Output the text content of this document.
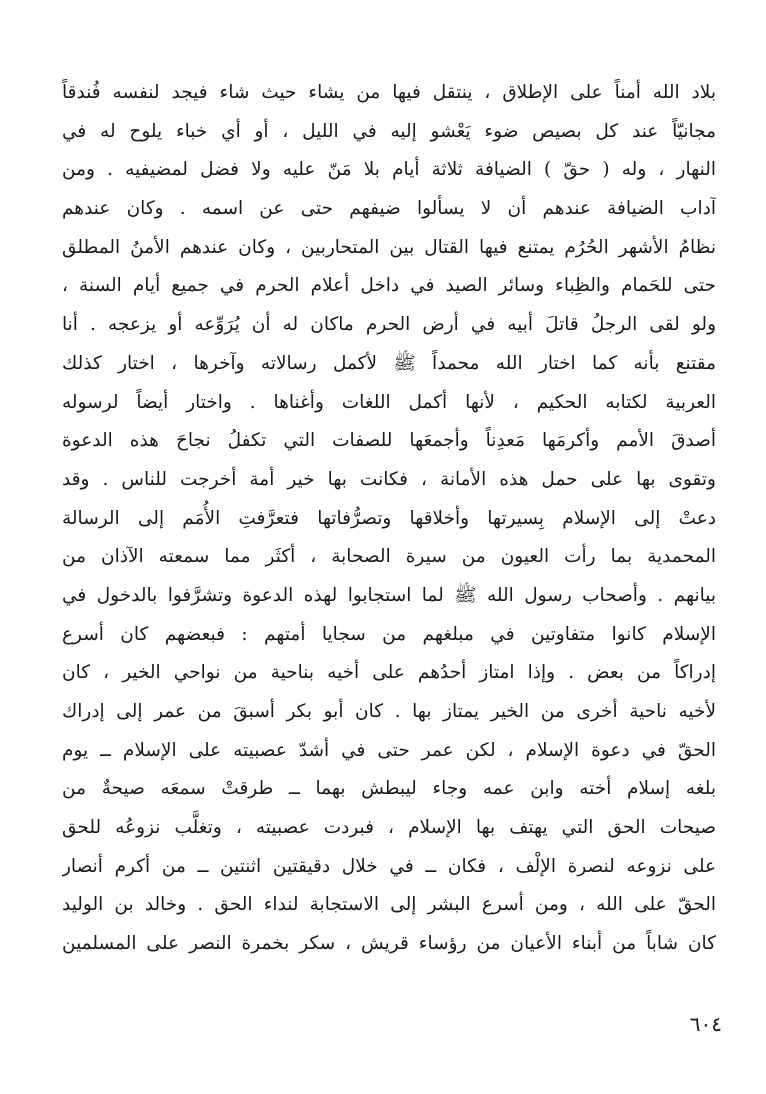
بلاد الله أمناً على الإطلاق ، ينتقل فيها من يشاء حيث شاء فيجد لنفسه فُندقاً
مجانيّاً عند كل بصيص ضوء يَعْشو إليه في الليل ، أو أي خباء يلوح له في
النهار ، وله ( حقّ ) الضيافة ثلاثة أيام بلا مَنّ عليه ولا فضل لمضيفيه . ومن
آداب الضيافة عندهم أن لا يسألوا ضيفهم حتى عن اسمه . وكان عندهم
نظامُ الأشهر الحُرُم يمتنع فيها القتال بين المتحاربين ، وكان عندهم الأمنُ المطلق
حتى للحَمام والظِباء وسائر الصيد في داخل أعلام الحرم في جميع أيام السنة ،
ولو لقى الرجلُ قاتلَ أبيه في أرض الحرم ماكان له أن يُرَوِّعه أو يزعجه . أنا
مقتنع بأنه كما اختار الله محمداً ﷺ لأكمل رسالاته وآخرها ، اختار كذلك
العربية لكتابه الحكيم ، لأنها أكمل اللغات وأغناها . واختار أيضاً لرسوله
أصدقَ الأمم وأكرمَها مَعدِناً وأجمعَها للصفات التي تكفلُ نجاحَ هذه الدعوة
وتقوى بها على حمل هذه الأمانة ، فكانت بها خير أمة أخرجت للناس . وقد
دعتْ إلى الإسلام بِسيرتها وأخلاقها وتصرُّفاتها فتعرَّفتِ الأُمَم إلى الرسالة
المحمدية بما رأت العيون من سيرة الصحابة ، أكثَر مما سمعته الآذان من
بيانهم . وأصحاب رسول الله ﷺ لما استجابوا لهذه الدعوة وتشرَّفوا بالدخول في
الإسلام كانوا متفاوتين في مبلغهم من سجايا أمتهم : فبعضهم كان أسرع
إدراكاً من بعض . وإذا امتاز أحدُهم على أخيه بناحية من نواحي الخير ، كان
لأخيه ناحية أخرى من الخير يمتاز بها . كان أبو بكر أسبقَ من عمر إلى إدراك
الحقّ في دعوة الإسلام ، لكن عمر حتى في أشدّ عصبيته على الإسلام ــ يوم
بلغه إسلام أخته وابن عمه وجاء ليبطش بهما ــ طرقتْ سمعَه صيحةٌ من
صيحات الحق التي يهتف بها الإسلام ، فبردت عصبيته ، وتغلَّب نزوعُه للحق
على نزوعه لنصرة الإلْف ، فكان ــ في خلال دقيقتين اثنتين ــ من أكرم أنصار
الحقّ على الله ، ومن أسرع البشر إلى الاستجابة لنداء الحق . وخالد بن الوليد
كان شاباً من أبناء الأعيان من رؤساء قريش ، سكر بخمرة النصر على المسلمين
٦٠٤
